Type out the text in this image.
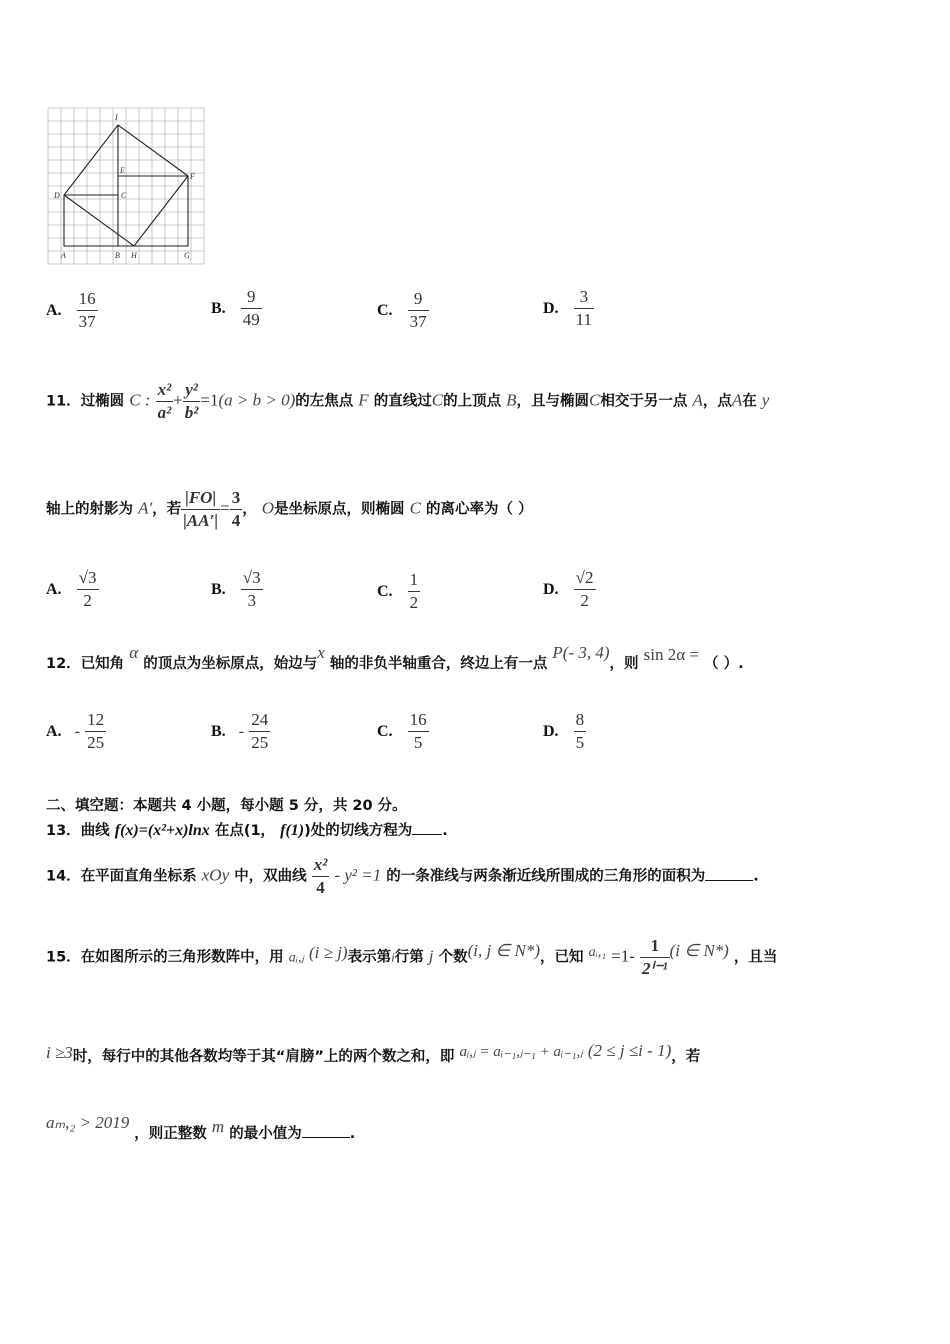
I
E
F
D	C
A	B H	G
A. $\frac{16}{37}$	B. $\frac{9}{49}$	C. $\frac{9}{37}$	D. $\frac{3}{11}$
11．过椭圆 C : $\frac{\text{x²}}{\text{a²}} + \frac{\text{y²}}{\text{b²}} =1(a > b > 0)$的左焦点 F 的直线过C的上顶点 B，且与椭圆C相交于另一点 A，点A在 y
轴上的射影为 A′，若 $\frac{|FO|}{|AA'|} = \frac{3}{4}$ ， O是坐标原点，则椭圆 C 的离心率为（ ）
A. $\frac{√3}{2}$	B. $\frac{√3}{3}$	C. $\frac{1}{2}$	D. $\frac{√2}{2}$
12．已知角 α 的顶点为坐标原点，始边与x 轴的非负半轴重合，终边上有一点 P(- 3, 4)，则 sin 2α = （ ）.
A. - $\frac{12}{25}$	B. - $\frac{24}{25}$	C. $\frac{16}{5}$	D. $\frac{8}{5}$
二、填空题：本题共 4 小题，每小题 5 分，共 20 分。
13．曲线 f(x)=(x²+x)lnx 在点(1， f(1))处的切线方程为 .
14．在平面直角坐标系 xOy 中，双曲线 $\frac{\text{x²}}{4} - y^2 =1$ 的一条准线与两条渐近线所围成的三角形的面积为	.
15．在如图所示的三角形数阵中，用 aᵢ,ⱼ (i ≥ j)表示第i行第 j 个数(i, j ∈ N*)，已知 aᵢ,₁ $=1- \frac{1}{\text{2ⁱ⁻¹}} (i$ ∈ N*) ，且当
i ≥3时，每行中的其他各数均等于其“肩膀”上的两个数之和，即 aᵢ,ⱼ = aᵢ₋₁,ⱼ₋₁ + aᵢ₋₁,ⱼ (2 ≤ j ≤i - 1)，若
aₘ,₂ > 2019 ，则正整数 m 的最小值为	.
